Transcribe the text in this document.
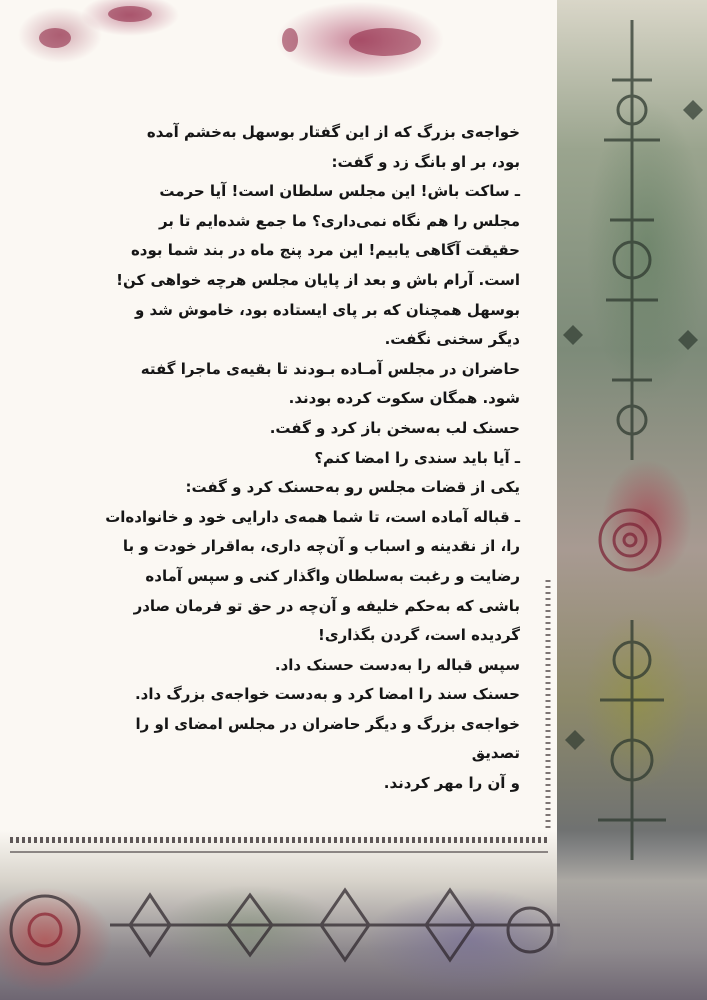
خواجه‌ی بزرگ که از این گفتار بوسهل به‌خشم آمده

بود، بر او بانگ زد و گفت:

ـ ساکت باش! این مجلس سلطان است! آیا حرمت

مجلس را هم نگاه نمی‌داری؟ ما جمع شده‌ایم تا بر

حقیقت آگاهی یابیم! این مرد پنج ماه در بند شما بوده

است. آرام باش و بعد از پایان مجلس هرچه خواهی کن!

بوسهل همچنان که بر پای ایستاده بود، خاموش شد و

دیگر سخنی نگفت.

حاضران در مجلس آمـاده بـودند تا بقیه‌ی ماجرا گفته

شود. همگان سکوت کرده بودند.

حسنک لب به‌سخن باز کرد و گفت.

ـ آیا باید سندی را امضا کنم؟

یکی از قضات مجلس رو به‌حسنک کرد و گفت:

ـ قباله آماده است، تا شما همه‌ی دارایی خود و خانواده‌ات

را، از نقدینه و اسباب و آن‌چه داری، به‌اقرار خودت و با

رضایت و رغبت به‌سلطان واگذار کنی و سپس آماده

باشی که به‌حکم خلیفه و آن‌چه در حق تو فرمان صادر

گردیده است، گردن بگذاری!

سپس قباله را به‌دست حسنک داد.

حسنک سند را امضا کرد و به‌دست خواجه‌ی بزرگ داد.

خواجه‌ی بزرگ و دیگر حاضران در مجلس امضای او را تصدیق

و آن را مهر کردند.
